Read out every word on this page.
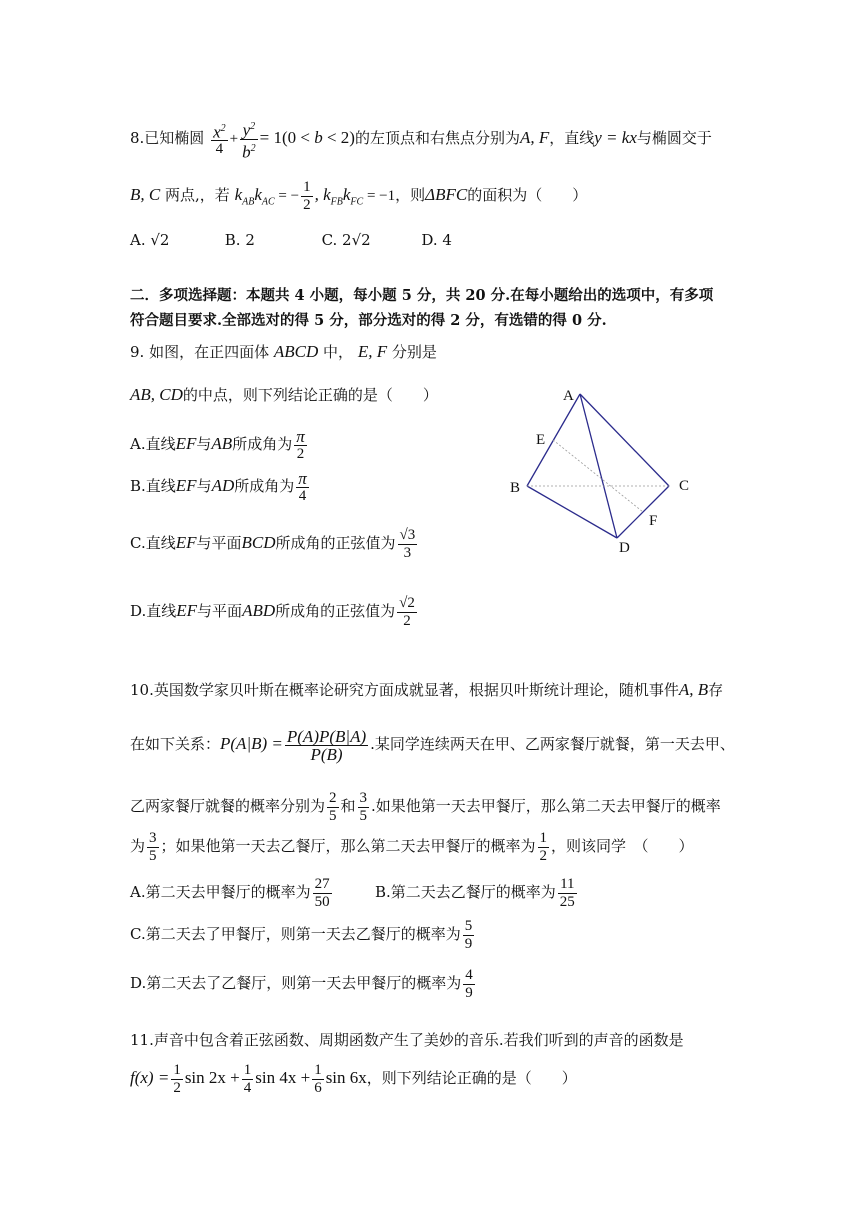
8.已知椭圆 $\frac{x^2}{4} + \frac{y^2}{b^2} = 1(0 < b < 2)$的左顶点和右焦点分别为A, F，直线y = kx与椭圆交于
B, C 两点,，若 $k_{AB}k_{AC}$ = − $\frac{1}{2}$ , $k_{FB}k_{FC} = -1$，则ΔBFC的面积为（　　）
A. √2	B. 2	C. 2√2	D. 4
二．多项选择题：本题共 4 小题，每小题 5 分，共 20 分.在每小题给出的选项中，有多项
符合题目要求.全部选对的得 5 分，部分选对的得 2 分，有选错的得 0 分.
9. 如图，在正四面体 ABCD 中， E, F 分别是
AB, CD的中点，则下列结论正确的是（　　）
A.直线EF与AB所成角为 $\frac{\pi}{2}$
B.直线EF与AD所成角为 $\frac{\pi}{4}$
C.直线EF与平面BCD所成角的正弦值为 $\frac{√3}{3}$
D.直线EF与平面ABD所成角的正弦值为 $\frac{√2}{2}$
A
E
B	C
F
D
10.英国数学家贝叶斯在概率论研究方面成就显著，根据贝叶斯统计理论，随机事件A, B存
在如下关系：$P(A|B) = \frac{P(A)P(B|A)}{P(B)}$ .某同学连续两天在甲、乙两家餐厅就餐，第一天去甲、
乙两家餐厅就餐的概率分别为 $\frac{2}{5}$ 和 $\frac{3}{5}$ .如果他第一天去甲餐厅，那么第二天去甲餐厅的概率
为 $\frac{3}{5}$ ；如果他第一天去乙餐厅，那么第二天去甲餐厅的概率为 $\frac{1}{2}$ ，则该同学　（　　）
A.第二天去甲餐厅的概率为 $\frac{27}{50}$	B.第二天去乙餐厅的概率为 $\frac{11}{25}$
C.第二天去了甲餐厅，则第一天去乙餐厅的概率为 $\frac{5}{9}$
D.第二天去了乙餐厅，则第一天去甲餐厅的概率为 $\frac{4}{9}$
11.声音中包含着正弦函数、周期函数产生了美妙的音乐.若我们听到的声音的函数是
$f(x) = \frac{1}{2}$ $\sin 2x + \frac{1}{4}$ $\sin 4x + \frac{1}{6}$ sin 6x，则下列结论正确的是（　　）
